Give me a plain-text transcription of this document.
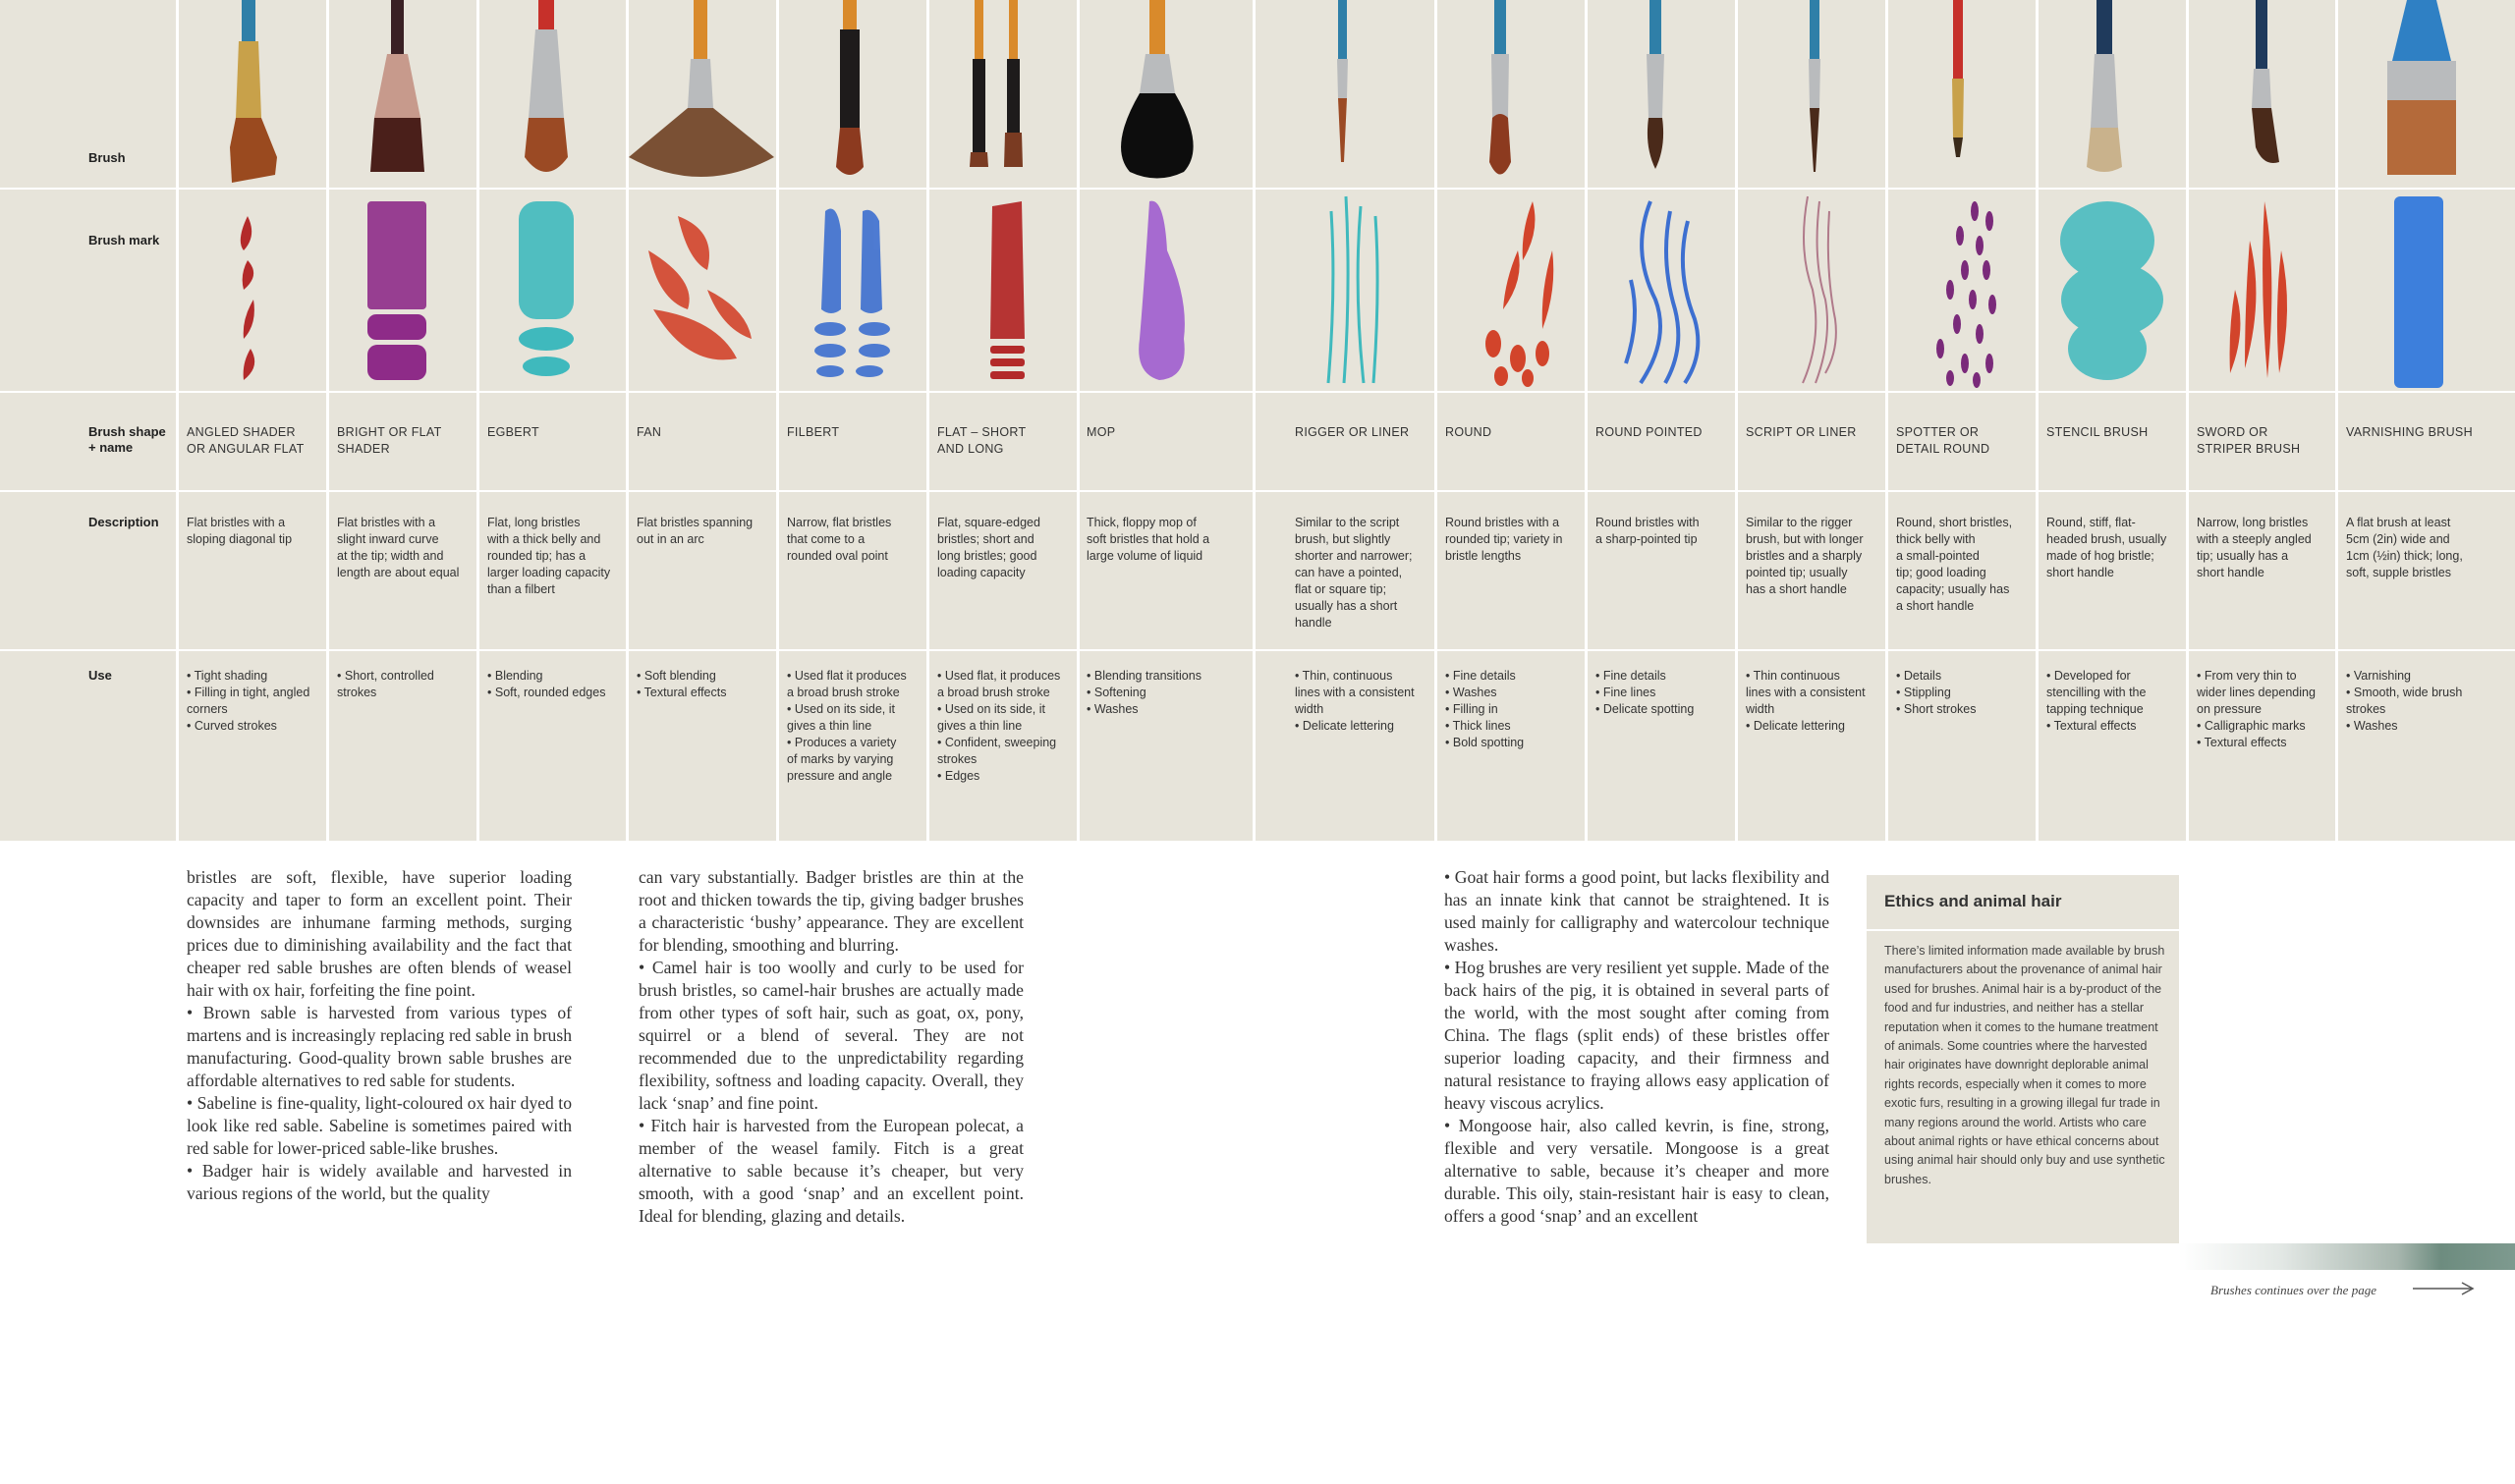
Brush
Brush mark
Brush shape
+ name
Description
Use
ANGLED SHADER
OR ANGULAR FLAT
Flat bristles with a
sloping diagonal tip
• Tight shading
• Filling in tight, angled
corners
• Curved strokes
BRIGHT OR FLAT
SHADER
Flat bristles with a
slight inward curve
at the tip; width and
length are about equal
• Short, controlled
strokes
EGBERT
Flat, long bristles
with a thick belly and
rounded tip; has a
larger loading capacity
than a filbert
• Blending
• Soft, rounded edges
FAN
Flat bristles spanning
out in an arc
• Soft blending
• Textural effects
FILBERT
Narrow, flat bristles
that come to a
rounded oval point
• Used flat it produces
a broad brush stroke
• Used on its side, it
gives a thin line
• Produces a variety
of marks by varying
pressure and angle
FLAT – SHORT
AND LONG
Flat, square-edged
bristles; short and
long bristles; good
loading capacity
• Used flat, it produces
a broad brush stroke
• Used on its side, it
gives a thin line
• Confident, sweeping
strokes
• Edges
MOP
Thick, floppy mop of
soft bristles that hold a
large volume of liquid
• Blending transitions
• Softening
• Washes
RIGGER OR LINER
Similar to the script
brush, but slightly
shorter and narrower;
can have a pointed,
flat or square tip;
usually has a short
handle
• Thin, continuous
lines with a consistent
width
• Delicate lettering
ROUND
Round bristles with a
rounded tip; variety in
bristle lengths
• Fine details
• Washes
• Filling in
• Thick lines
• Bold spotting
ROUND POINTED
Round bristles with
a sharp-pointed tip
• Fine details
• Fine lines
• Delicate spotting
SCRIPT OR LINER
Similar to the rigger
brush, but with longer
bristles and a sharply
pointed tip; usually
has a short handle
• Thin continuous
lines with a consistent
width
• Delicate lettering
SPOTTER OR
DETAIL ROUND
Round, short bristles,
thick belly with
a small-pointed
tip; good loading
capacity; usually has
a short handle
• Details
• Stippling
• Short strokes
STENCIL BRUSH
Round, stiff, flat-
headed brush, usually
made of hog bristle;
short handle
• Developed for
stencilling with the
tapping technique
• Textural effects
SWORD OR
STRIPER BRUSH
Narrow, long bristles
with a steeply angled
tip; usually has a
short handle
• From very thin to
wider lines depending
on pressure
• Calligraphic marks
• Textural effects
VARNISHING BRUSH
A flat brush at least
5cm (2in) wide and
1cm (½in) thick; long,
soft, supple bristles
• Varnishing
• Smooth, wide brush
strokes
• Washes

bristles are soft, flexible, have superior loading capacity and taper to form an excellent point. Their downsides are inhumane farming methods, surging prices due to diminishing availability and the fact that cheaper red sable brushes are often blends of weasel hair with ox hair, forfeiting the fine point.

• Brown sable is harvested from various types of martens and is increasingly replacing red sable in brush manufacturing. Good-quality brown sable brushes are affordable alternatives to red sable for students.

• Sabeline is fine-quality, light-coloured ox hair dyed to look like red sable. Sabeline is sometimes paired with red sable for lower-priced sable-like brushes.

• Badger hair is widely available and harvested in various regions of the world, but the quality

can vary substantially. Badger bristles are thin at the root and thicken towards the tip, giving badger brushes a characteristic ‘bushy’ appearance. They are excellent for blending, smoothing and blurring.

• Camel hair is too woolly and curly to be used for brush bristles, so camel-hair brushes are actually made from other types of soft hair, such as goat, ox, pony, squirrel or a blend of several. They are not recommended due to the unpredictability regarding flexibility, softness and loading capacity. Overall, they lack ‘snap’ and fine point.

• Fitch hair is harvested from the European polecat, a member of the weasel family. Fitch is a great alternative to sable because it’s cheaper, but very smooth, with a good ‘snap’ and an excellent point. Ideal for blending, glazing and details.

• Goat hair forms a good point, but lacks flexibility and has an innate kink that cannot be straightened. It is used mainly for calligraphy and watercolour technique washes.

• Hog brushes are very resilient yet supple. Made of the back hairs of the pig, it is obtained in several parts of the world, with the most sought after coming from China. The flags (split ends) of these bristles offer superior loading capacity, and their firmness and natural resistance to fraying allows easy application of heavy viscous acrylics.

• Mongoose hair, also called kevrin, is fine, strong, flexible and very versatile. Mongoose is a great alternative to sable, because it’s cheaper and more durable. This oily, stain-resistant hair is easy to clean, offers a good ‘snap’ and an excellent

Ethics and animal hair

There’s limited information made available by brush manufacturers about the provenance of animal hair used for brushes. Animal hair is a by-product of the food and fur industries, and neither has a stellar reputation when it comes to the humane treatment of animals. Some countries where the harvested hair originates have downright deplorable animal rights records, especially when it comes to more exotic furs, resulting in a growing illegal fur trade in many regions around the world. Artists who care about animal rights or have ethical concerns about using animal hair should only buy and use synthetic brushes.

Brushes continues over the page
